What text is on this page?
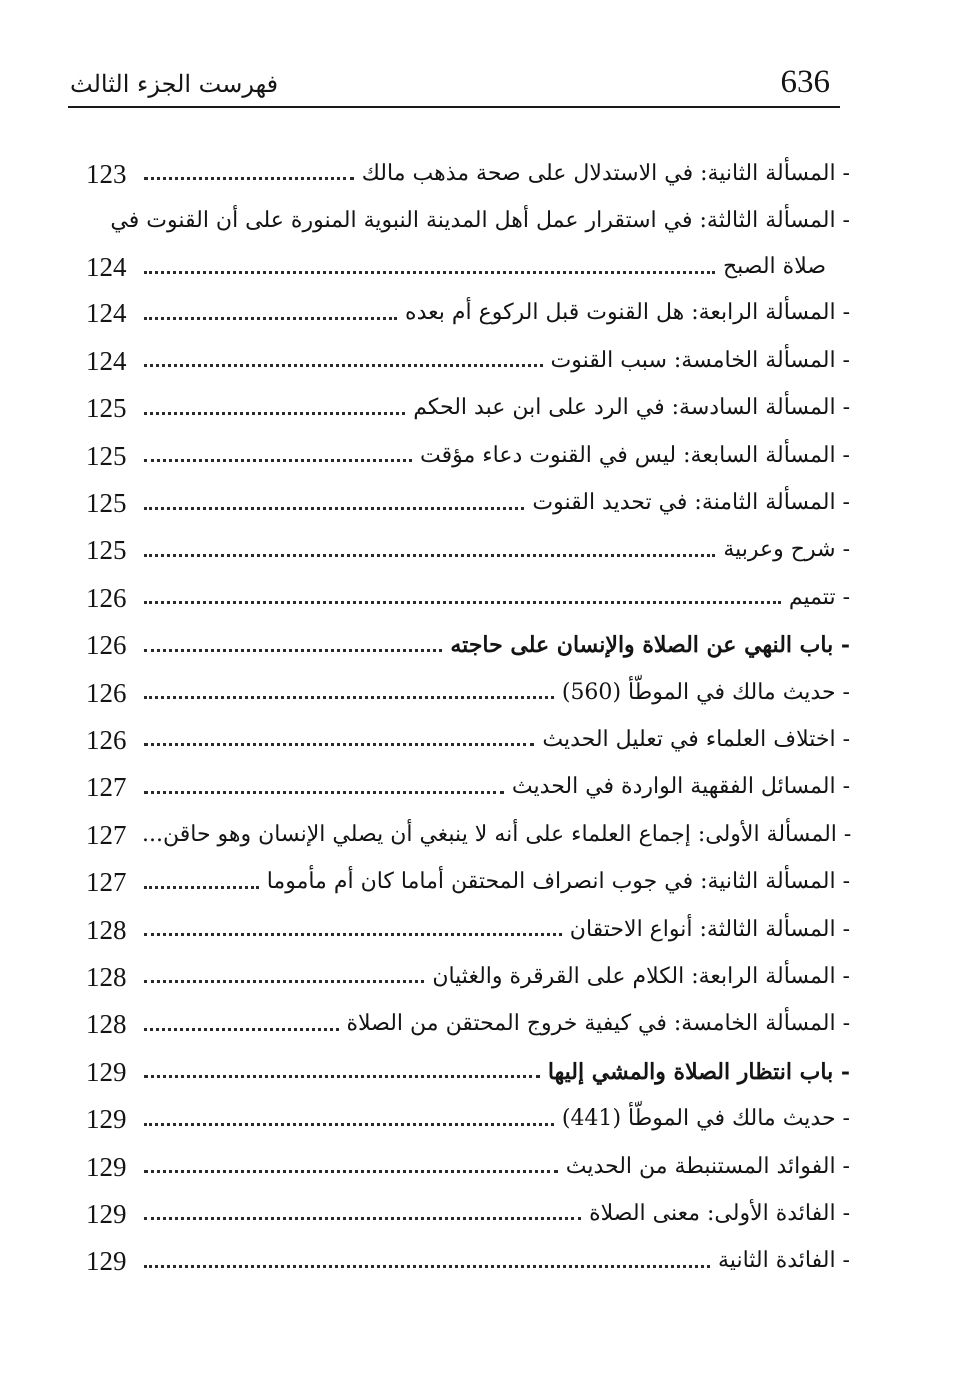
636
فهرست الجزء الثالث
123	- المسألة الثانية: في الاستدلال على صحة مذهب مالك
- المسألة الثالثة: في استقرار عمل أهل المدينة النبوية المنورة على أن القنوت في
124	صلاة الصبح
124	- المسألة الرابعة: هل القنوت قبل الركوع أم بعده
124	- المسألة الخامسة: سبب القنوت
125	- المسألة السادسة: في الرد على ابن عبد الحكم
125	- المسألة السابعة: ليس في القنوت دعاء مؤقت
125	- المسألة الثامنة: في تحديد القنوت
125	- شرح وعربية
126	- تتميم
126	- باب النهي عن الصلاة والإنسان على حاجته
126	- حديث مالك في الموطّأ (560)
126	- اختلاف العلماء في تعليل الحديث
127	- المسائل الفقهية الواردة في الحديث
127 - المسألة الأولى: إجماع العلماء على أنه لا ينبغي أن يصلي الإنسان وهو حاقن...
127	- المسألة الثانية: في جوب انصراف المحتقن أماما كان أم مأموما
128	- المسألة الثالثة: أنواع الاحتقان
128	- المسألة الرابعة: الكلام على القرقرة والغثيان
128	- المسألة الخامسة: في كيفية خروج المحتقن من الصلاة
129	- باب انتظار الصلاة والمشي إليها
129	- حديث مالك في الموطّأ (441)
129	- الفوائد المستنبطة من الحديث
129	- الفائدة الأولى: معنى الصلاة
129	- الفائدة الثانية
